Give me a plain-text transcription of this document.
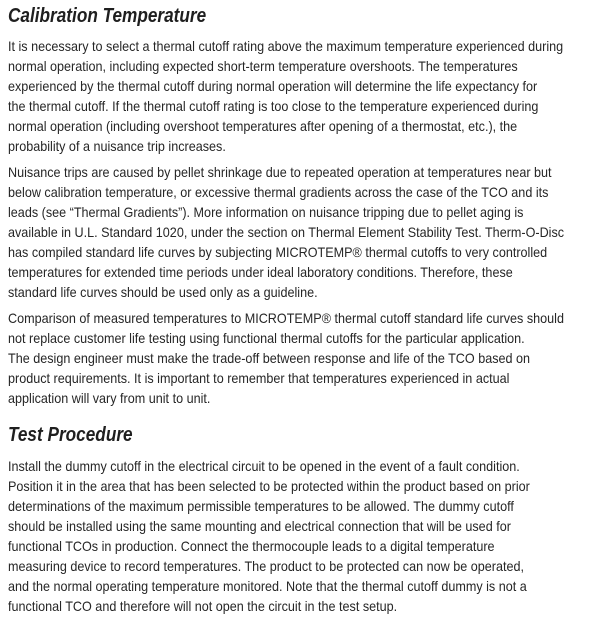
Calibration Temperature
It is necessary to select a thermal cutoff rating above the maximum temperature experienced during
normal operation, including expected short-term temperature overshoots. The temperatures
experienced by the thermal cutoff during normal operation will determine the life expectancy for
the thermal cutoff. If the thermal cutoff rating is too close to the temperature experienced during
normal operation (including overshoot temperatures after opening of a thermostat, etc.), the
probability of a nuisance trip increases.
Nuisance trips are caused by pellet shrinkage due to repeated operation at temperatures near but
below calibration temperature, or excessive thermal gradients across the case of the TCO and its
leads (see “Thermal Gradients”). More information on nuisance tripping due to pellet aging is
available in U.L. Standard 1020, under the section on Thermal Element Stability Test. Therm-O-Disc
has compiled standard life curves by subjecting MICROTEMP® thermal cutoffs to very controlled
temperatures for extended time periods under ideal laboratory conditions. Therefore, these
standard life curves should be used only as a guideline.
Comparison of measured temperatures to MICROTEMP® thermal cutoff standard life curves should
not replace customer life testing using functional thermal cutoffs for the particular application.
The design engineer must make the trade-off between response and life of the TCO based on
product requirements. It is important to remember that temperatures experienced in actual
application will vary from unit to unit.
Test Procedure
Install the dummy cutoff in the electrical circuit to be opened in the event of a fault condition.
Position it in the area that has been selected to be protected within the product based on prior
determinations of the maximum permissible temperatures to be allowed. The dummy cutoff
should be installed using the same mounting and electrical connection that will be used for
functional TCOs in production. Connect the thermocouple leads to a digital temperature
measuring device to record temperatures. The product to be protected can now be operated,
and the normal operating temperature monitored. Note that the thermal cutoff dummy is not a
functional TCO and therefore will not open the circuit in the test setup.
